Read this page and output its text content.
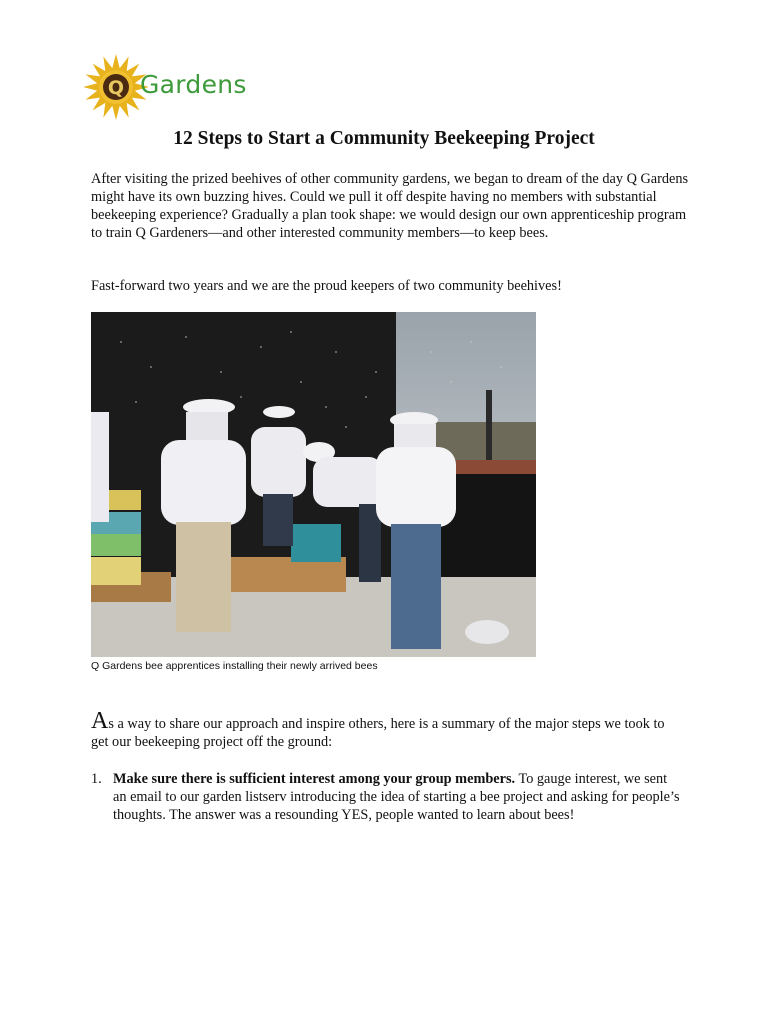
Q Gardens
12 Steps to Start a Community Beekeeping Project
After visiting the prized beehives of other community gardens, we began to dream of the day Q Gardens might have its own buzzing hives. Could we pull it off despite having no members with substantial beekeeping experience? Gradually a plan took shape: we would design our own apprenticeship program to train Q Gardeners—and other interested community members—to keep bees.
Fast-forward two years and we are the proud keepers of two community beehives!
Q Gardens bee apprentices installing their newly arrived bees
As a way to share our approach and inspire others, here is a summary of the major steps we took to get our beekeeping project off the ground:
1. Make sure there is sufficient interest among your group members. To gauge interest, we sent an email to our garden listserv introducing the idea of starting a bee project and asking for people’s thoughts. The answer was a resounding YES, people wanted to learn about bees!
